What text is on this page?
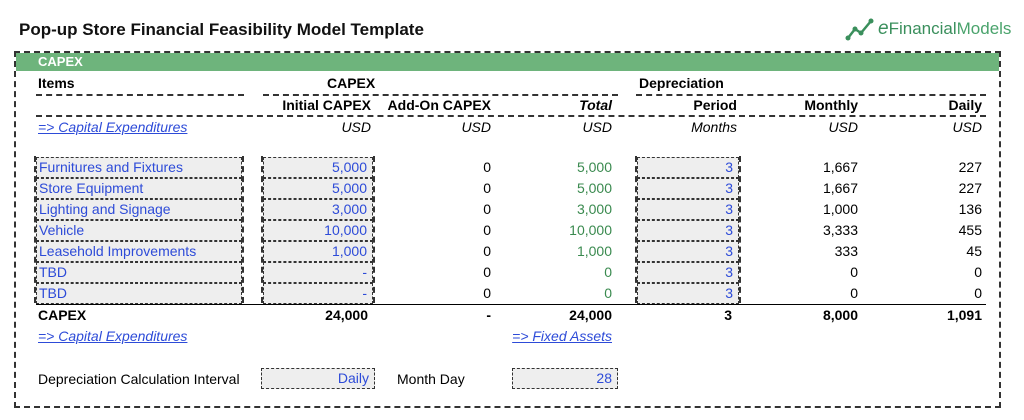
Pop-up Store Financial Feasibility Model Template	eFinancialModels
CAPEX
Items	CAPEX	Depreciation
Initial CAPEX	Add-On CAPEX	Total	Period	Monthly	Daily
=> Capital Expenditures	USD	USD	USD	Months	USD	USD
Furnitures and Fixtures	5,000	0	5,000	3	1,667	227
Store Equipment	5,000	0	5,000	3	1,667	227
Lighting and Signage	3,000	0	3,000	3	1,000	136
Vehicle	10,000	0	10,000	3	3,333	455
Leasehold Improvements	1,000	0	1,000	3	333	45
TBD	-	0	0	3	0	0
TBD	-	0	0	3	0	0
CAPEX	24,000	-	24,000	3	8,000	1,091
=> Capital Expenditures	=> Fixed Assets
Depreciation Calculation Interval	Daily	Month Day	28
